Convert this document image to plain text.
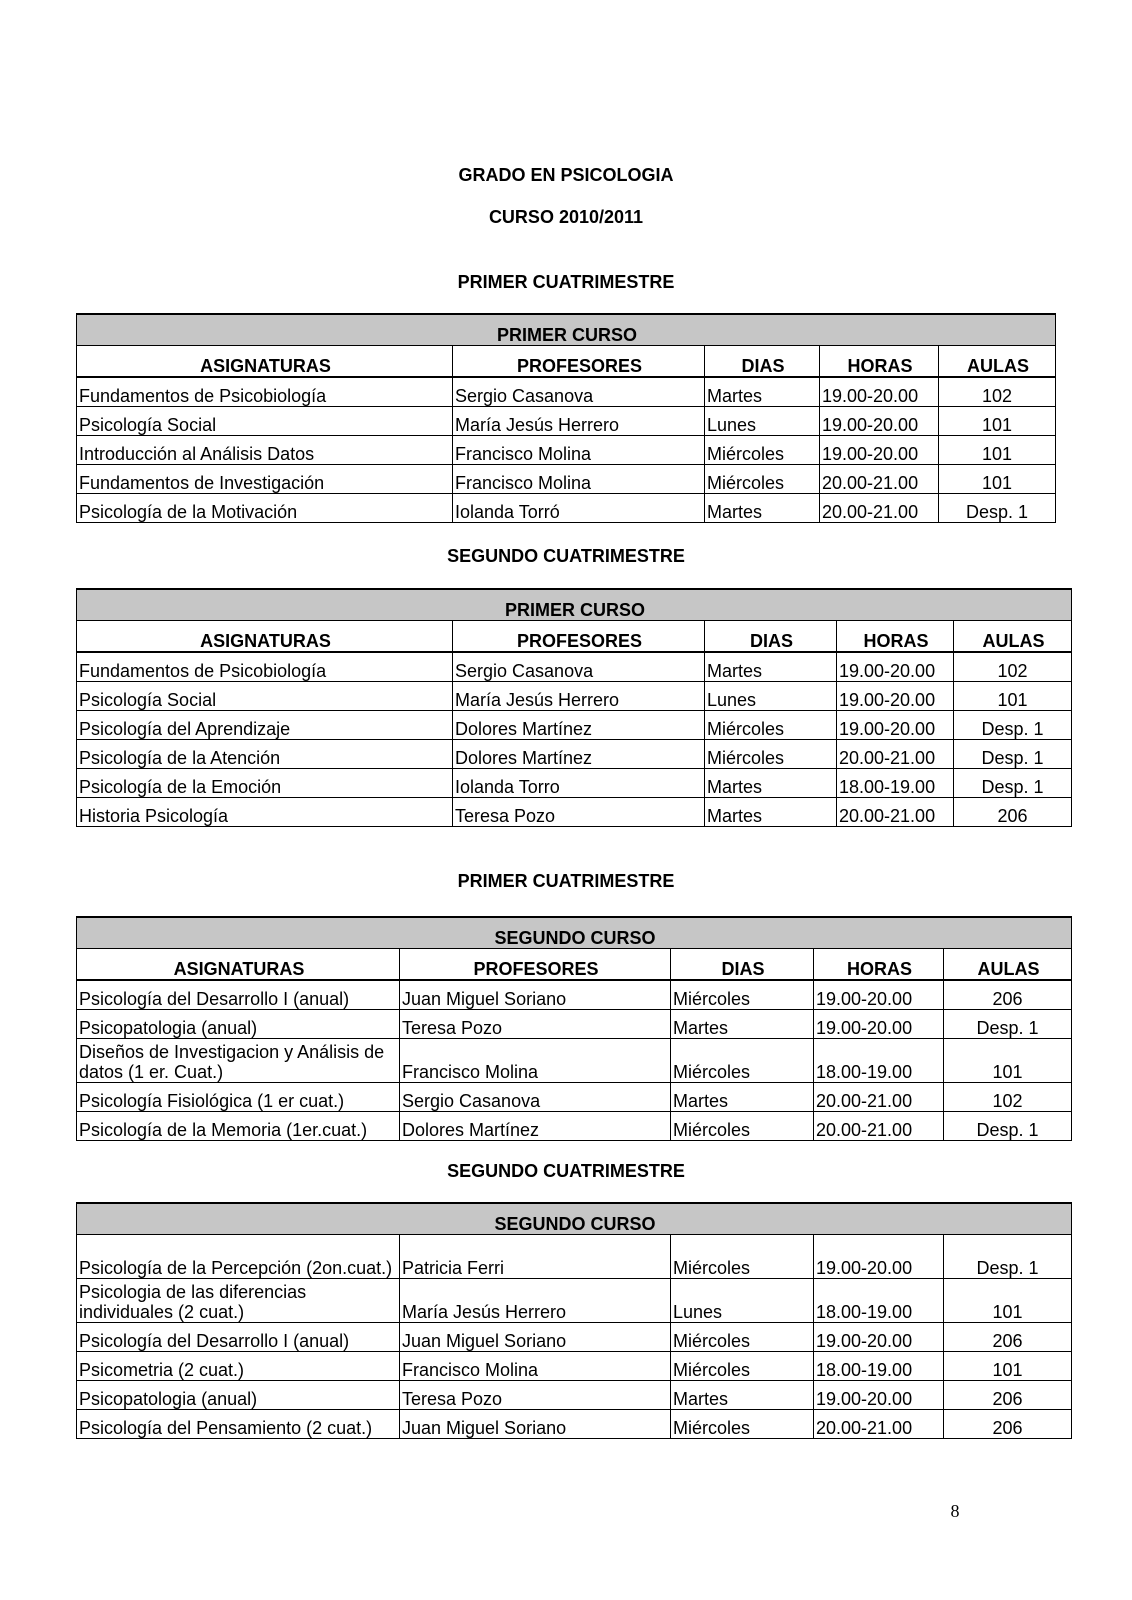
GRADO EN PSICOLOGIA
CURSO 2010/2011
PRIMER CUATRIMESTRE
PRIMER CURSO				
ASIGNATURAS	PROFESORES	DIAS	HORAS	AULAS
Fundamentos de Psicobiología	Sergio Casanova	Martes	19.00-20.00	102
Psicología Social	María Jesús Herrero	Lunes	19.00-20.00	101
Introducción al Análisis Datos	Francisco Molina	Miércoles	19.00-20.00	101
Fundamentos de Investigación	Francisco Molina	Miércoles	20.00-21.00	101
Psicología de la Motivación	Iolanda Torró	Martes	20.00-21.00	Desp. 1
SEGUNDO CUATRIMESTRE
PRIMER CURSO				
ASIGNATURAS	PROFESORES	DIAS	HORAS	AULAS
Fundamentos de Psicobiología	Sergio Casanova	Martes	19.00-20.00	102
Psicología Social	María Jesús Herrero	Lunes	19.00-20.00	101
Psicología del Aprendizaje	Dolores Martínez	Miércoles	19.00-20.00	Desp. 1
Psicología de la Atención	Dolores Martínez	Miércoles	20.00-21.00	Desp. 1
Psicología de la Emoción	Iolanda Torro	Martes	18.00-19.00	Desp. 1
Historia Psicología	Teresa Pozo	Martes	20.00-21.00	206
PRIMER CUATRIMESTRE
SEGUNDO CURSO				
ASIGNATURAS	PROFESORES	DIAS	HORAS	AULAS
Psicología del Desarrollo I (anual)	Juan Miguel Soriano	Miércoles	19.00-20.00	206
Psicopatologia (anual)	Teresa Pozo	Martes	19.00-20.00	Desp. 1
Diseños de Investigacion y Análisis de datos (1 er. Cuat.)	Francisco Molina	Miércoles	18.00-19.00	101
Psicología Fisiológica (1 er cuat.)	Sergio Casanova	Martes	20.00-21.00	102
Psicología de la Memoria (1er.cuat.)	Dolores Martínez	Miércoles	20.00-21.00	Desp. 1
SEGUNDO CUATRIMESTRE
SEGUNDO CURSO				
Psicología de la Percepción (2on.cuat.)	Patricia Ferri	Miércoles	19.00-20.00	Desp. 1
Psicologia de las diferencias individuales (2 cuat.)	María Jesús Herrero	Lunes	18.00-19.00	101
Psicología del Desarrollo I (anual)	Juan Miguel Soriano	Miércoles	19.00-20.00	206
Psicometria (2 cuat.)	Francisco Molina	Miércoles	18.00-19.00	101
Psicopatologia (anual)	Teresa Pozo	Martes	19.00-20.00	206
Psicología del Pensamiento (2 cuat.)	Juan Miguel Soriano	Miércoles	20.00-21.00	206
8
